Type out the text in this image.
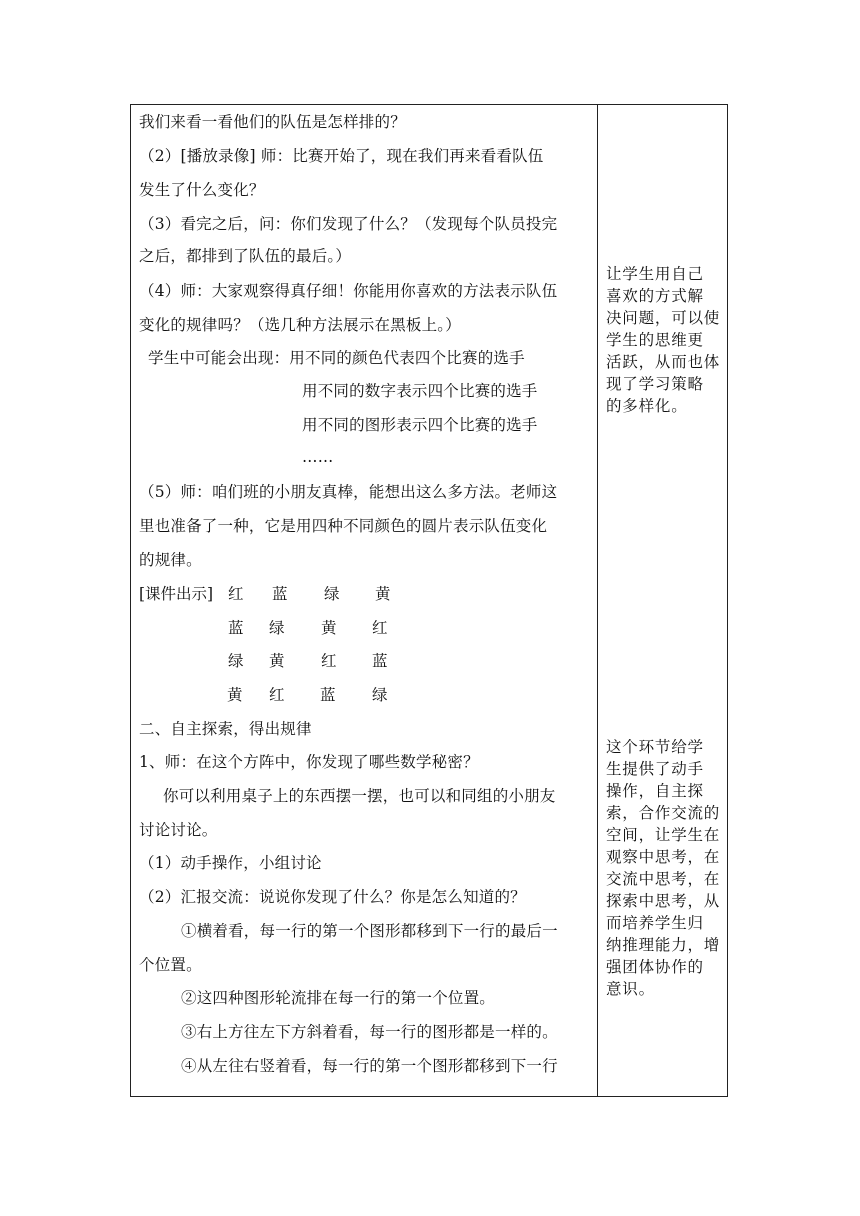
我们来看一看他们的队伍是怎样排的？
（2）[播放录像] 师：比赛开始了，现在我们再来看看队伍
发生了什么变化？
（3）看完之后，问：你们发现了什么？（发现每个队员投完
之后，都排到了队伍的最后。）
（4）师：大家观察得真仔细！你能用你喜欢的方法表示队伍
变化的规律吗？（选几种方法展示在黑板上。）
学生中可能会出现：用不同的颜色代表四个比赛的选手
用不同的数字表示四个比赛的选手
用不同的图形表示四个比赛的选手
……
（5）师：咱们班的小朋友真棒，能想出这么多方法。老师这
里也准备了一种，它是用四种不同颜色的圆片表示队伍变化
的规律。
[课件出示] 红 蓝 绿 黄
蓝 绿 黄 红
绿 黄 红 蓝
黄 红 蓝 绿
二、自主探索，得出规律
1、师：在这个方阵中，你发现了哪些数学秘密？
你可以利用桌子上的东西摆一摆，也可以和同组的小朋友
讨论讨论。
（1）动手操作，小组讨论
（2）汇报交流：说说你发现了什么？你是怎么知道的？
①横着看，每一行的第一个图形都移到下一行的最后一
个位置。
②这四种图形轮流排在每一行的第一个位置。
③右上方往左下方斜着看，每一行的图形都是一样的。
④从左往右竖着看，每一行的第一个图形都移到下一行
让学生用自己
喜欢的方式解
决问题，可以使
学生的思维更
活跃，从而也体
现了学习策略
的多样化。
这个环节给学
生提供了动手
操作，自主探
索，合作交流的
空间，让学生在
观察中思考，在
交流中思考，在
探索中思考，从
而培养学生归
纳推理能力，增
强团体协作的
意识。
